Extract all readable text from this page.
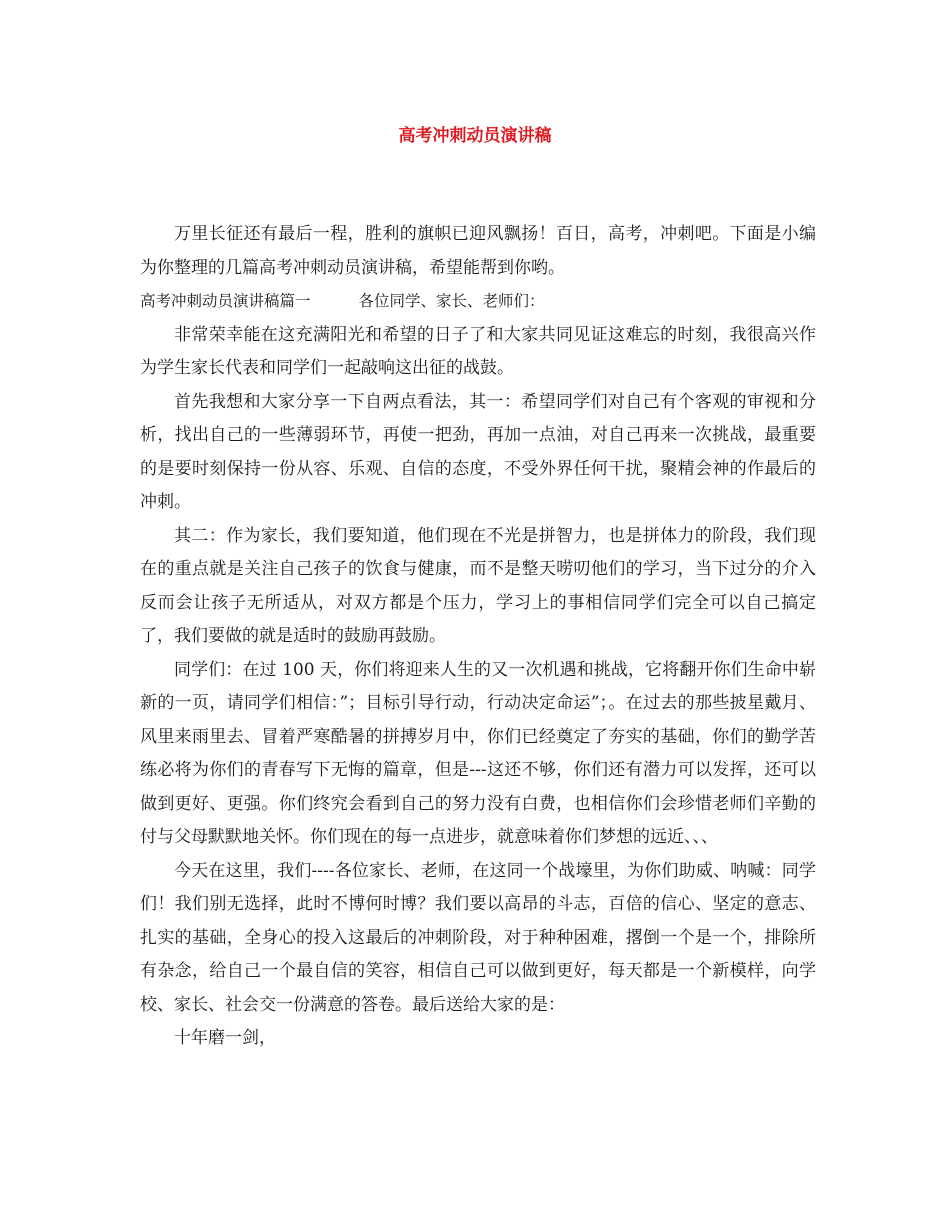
高考冲刺动员演讲稿

万里长征还有最后一程，胜利的旗帜已迎风飘扬！百日，高考，冲刺吧。下面是小编为你整理的几篇高考冲刺动员演讲稿，希望能帮到你哟。

高考冲刺动员演讲稿篇一	各位同学、家长、老师们：

非常荣幸能在这充满阳光和希望的日子了和大家共同见证这难忘的时刻，我很高兴作为学生家长代表和同学们一起敲响这出征的战鼓。

首先我想和大家分享一下自两点看法，其一：希望同学们对自己有个客观的审视和分析，找出自己的一些薄弱环节，再使一把劲，再加一点油，对自己再来一次挑战，最重要的是要时刻保持一份从容、乐观、自信的态度，不受外界任何干扰，聚精会神的作最后的冲刺。

其二：作为家长，我们要知道，他们现在不光是拼智力，也是拼体力的阶段，我们现在的重点就是关注自己孩子的饮食与健康，而不是整天唠叨他们的学习，当下过分的介入反而会让孩子无所适从，对双方都是个压力，学习上的事相信同学们完全可以自己搞定了，我们要做的就是适时的鼓励再鼓励。

同学们：在过 100 天，你们将迎来人生的又一次机遇和挑战，它将翻开你们生命中崭新的一页，请同学们相信：”；目标引导行动，行动决定命运”；。在过去的那些披星戴月、风里来雨里去、冒着严寒酷暑的拼搏岁月中，你们已经奠定了夯实的基础，你们的勤学苦练必将为你们的青春写下无悔的篇章，但是---这还不够，你们还有潜力可以发挥，还可以做到更好、更强。你们终究会看到自己的努力没有白费，也相信你们会珍惜老师们辛勤的付与父母默默地关怀。你们现在的每一点进步，就意味着你们梦想的远近、、、

今天在这里，我们----各位家长、老师，在这同一个战壕里，为你们助威、呐喊：同学们！我们别无选择，此时不博何时博？我们要以高昂的斗志，百倍的信心、坚定的意志、扎实的基础，全身心的投入这最后的冲刺阶段，对于种种困难，撂倒一个是一个，排除所有杂念，给自己一个最自信的笑容，相信自己可以做到更好，每天都是一个新模样，向学校、家长、社会交一份满意的答卷。最后送给大家的是：

十年磨一剑，
